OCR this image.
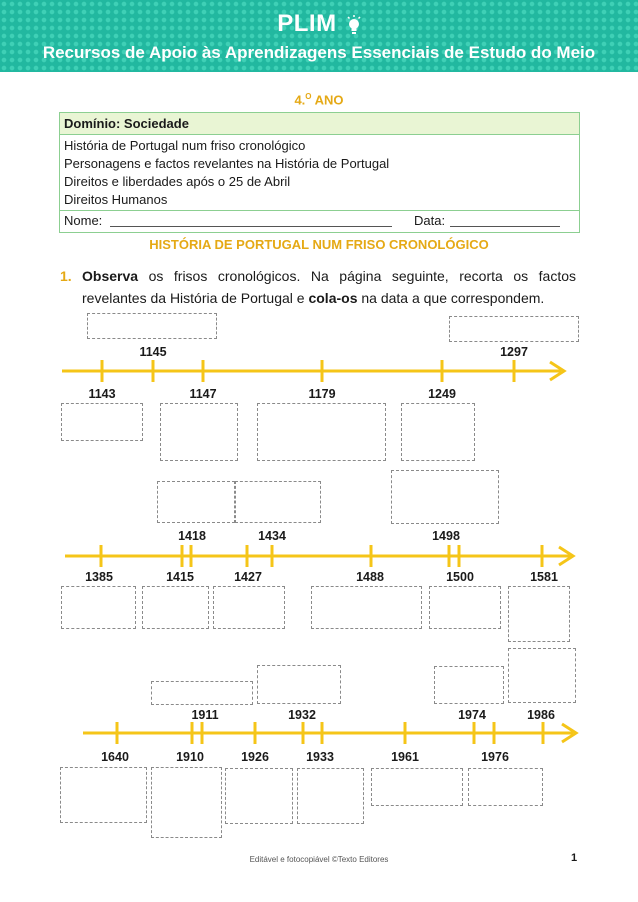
PLIM
Recursos de Apoio às Aprendizagens Essenciais de Estudo do Meio
4.$^O$ ANO
Domínio: Sociedade
História de Portugal num friso cronológico
Personagens e factos revelantes na História de Portugal
Direitos e liberdades após o 25 de Abril
Direitos Humanos
Nome:	Data:
HISTÓRIA DE PORTUGAL NUM FRISO CRONOLÓGICO
1. Observa os frisos cronológicos. Na página seguinte, recorta os factos revelantes da História de Portugal e cola-os na data a que correspondem.
1145	1297
1143	1147	1179	1249
1418	1434	1498
1385	1415	1427	1488	1500	1581
1911	1932	1974	1986
1640	1910	1926	1933	1961	1976
Editável e fotocopiável ©Texto Editores	1
